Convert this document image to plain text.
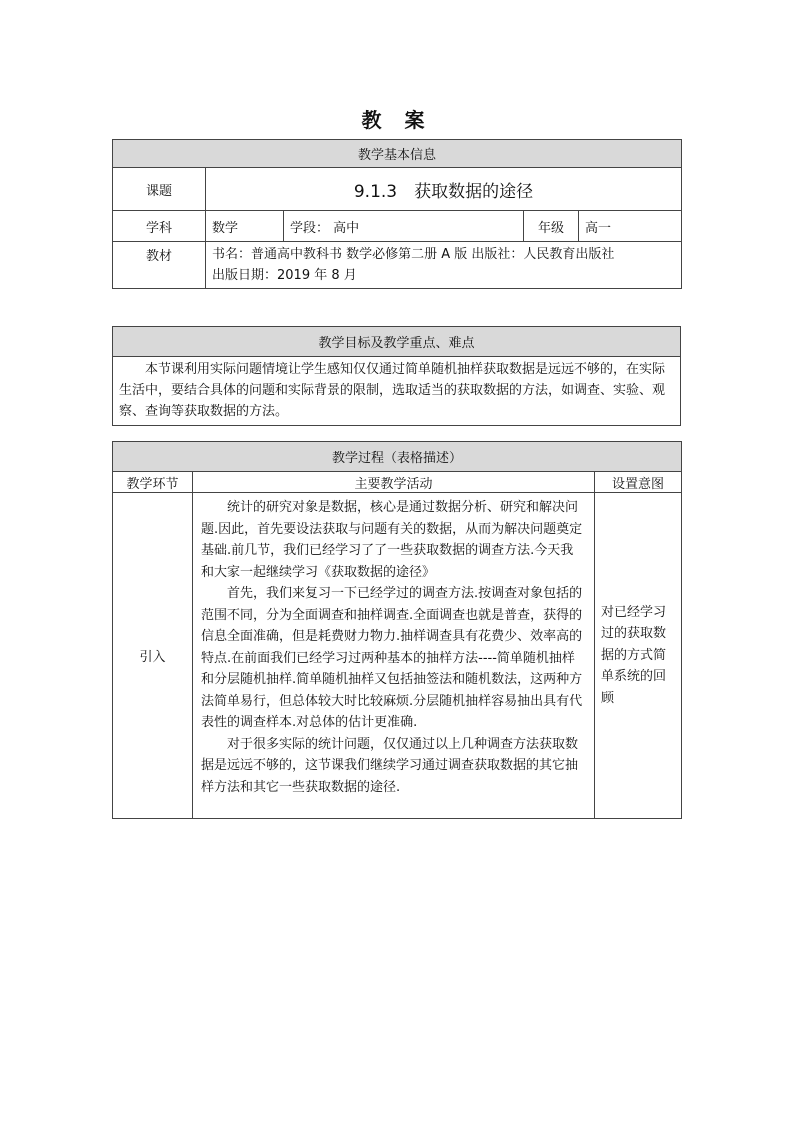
教 案
教学基本信息				
课题	9.1.3　获取数据的途径			
学科	数学	学段： 高中	年级	高一
教材	书名：普通高中教科书 数学必修第二册 A 版 出版社：人民教育出版社
出版日期：2019 年 8 月			
教学目标及教学重点、难点
本节课利用实际问题情境让学生感知仅仅通过简单随机抽样获取数据是远远不够的，在实际生活中，要结合具体的问题和实际背景的限制，选取适当的获取数据的方法，如调查、实验、观察、查询等获取数据的方法。
教学过程（表格描述）		
教学环节	主要教学活动	设置意图
引入	统计的研究对象是数据，核心是通过数据分析、研究和解决问题.因此，首先要设法获取与问题有关的数据，从而为解决问题奠定基础.前几节，我们已经学习了了一些获取数据的调查方法.今天我和大家一起继续学习《获取数据的途径》
首先，我们来复习一下已经学过的调查方法.按调查对象包括的范围不同，分为全面调查和抽样调查.全面调查也就是普查，获得的信息全面准确，但是耗费财力物力.抽样调查具有花费少、效率高的特点.在前面我们已经学习过两种基本的抽样方法----简单随机抽样和分层随机抽样.简单随机抽样又包括抽签法和随机数法，这两种方法简单易行，但总体较大时比较麻烦.分层随机抽样容易抽出具有代表性的调查样本.对总体的估计更准确.
对于很多实际的统计问题，仅仅通过以上几种调查方法获取数据是远远不够的，这节课我们继续学习通过调查获取数据的其它抽样方法和其它一些获取数据的途径.	对已经学习过的获取数据的方式简单系统的回顾
